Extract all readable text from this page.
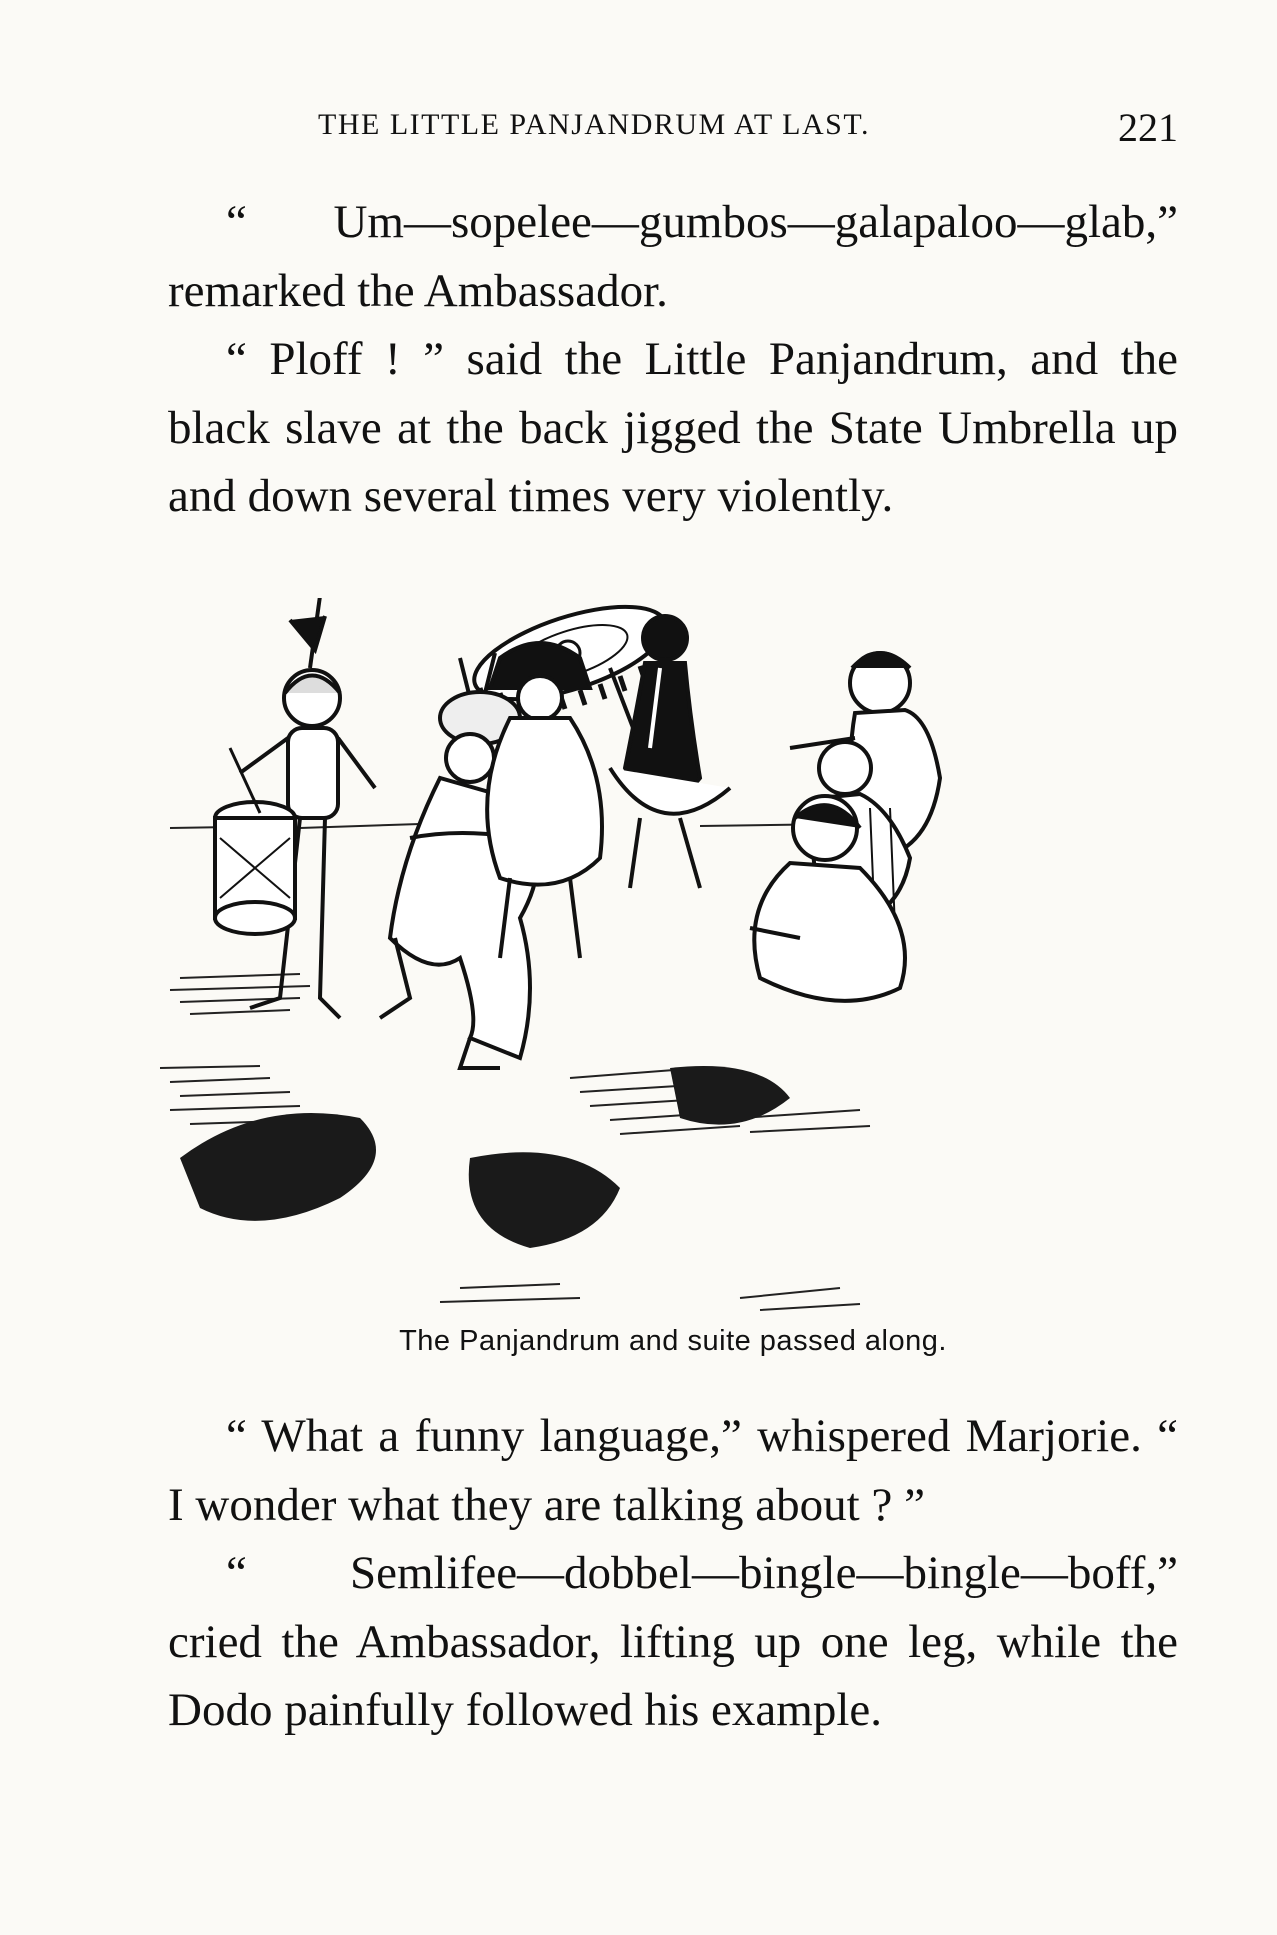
THE LITTLE PANJANDRUM AT LAST.	221

“ Um—sopelee—gumbos—galapaloo—glab,” remarked the Ambassador.

“ Ploff ! ” said the Little Panjandrum, and the black slave at the back jigged the State Umbrella up and down several times very violently.

The Panjandrum and suite passed along.

“ What a funny language,” whispered Marjorie. “ I wonder what they are talking about ? ”

“ Semlifee—dobbel—bingle—bingle—boff,” cried the Ambassador, lifting up one leg, while the Dodo painfully followed his example.
